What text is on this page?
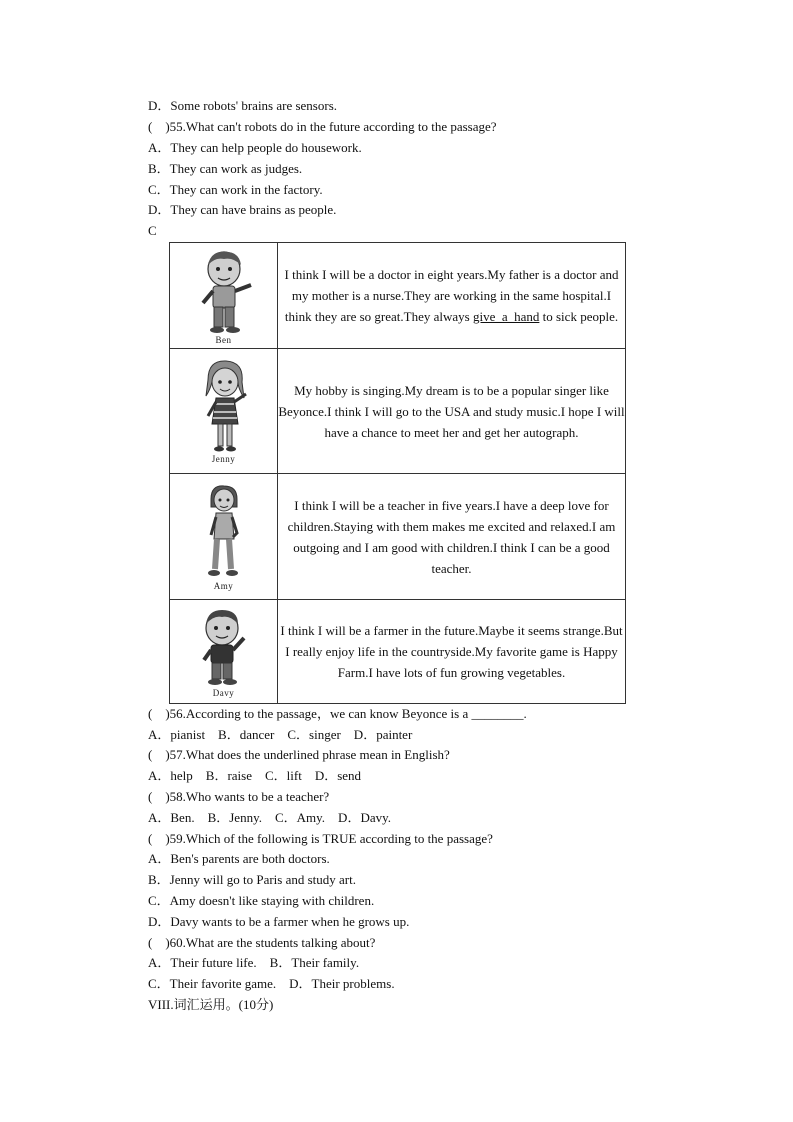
D．Some robots' brains are sensors.
(    )55.What can't robots do in the future according to the passage?
A．They can help people do housework.
B．They can work as judges.
C．They can work in the factory.
D．They can have brains as people.
C
Ben	I think I will be a doctor in eight years.My father is a doctor and my mother is a nurse.They are working in the same hospital.I think they are so great.They always give_a_hand to sick people.

Jenny	My hobby is singing.My dream is to be a popular singer like Beyonce.I think I will go to the USA and study music.I hope I will have a chance to meet her and get her autograph.

Amy	I think I will be a teacher in five years.I have a deep love for children.Staying with them makes me excited and relaxed.I am outgoing and I am good with children.I think I can be a good teacher.

Davy	I think I will be a farmer in the future.Maybe it seems strange.But I really enjoy life in the countryside.My favorite game is Happy Farm.I have lots of fun growing vegetables.
(    )56.According to the passage，we can know Beyonce is a ________.
A．pianist    B．dancer    C．singer    D．painter
(    )57.What does the underlined phrase mean in English?
A．help    B．raise    C．lift    D．send
(    )58.Who wants to be a teacher?
A．Ben.    B．Jenny.    C．Amy.    D．Davy.
(    )59.Which of the following is TRUE according to the passage?
A．Ben's parents are both doctors.
B．Jenny will go to Paris and study art.
C．Amy doesn't like staying with children.
D．Davy wants to be a farmer when he grows up.
(    )60.What are the students talking about?
A．Their future life.    B．Their family.
C．Their favorite game.    D．Their problems.
VIII.词汇运用。(10分)
